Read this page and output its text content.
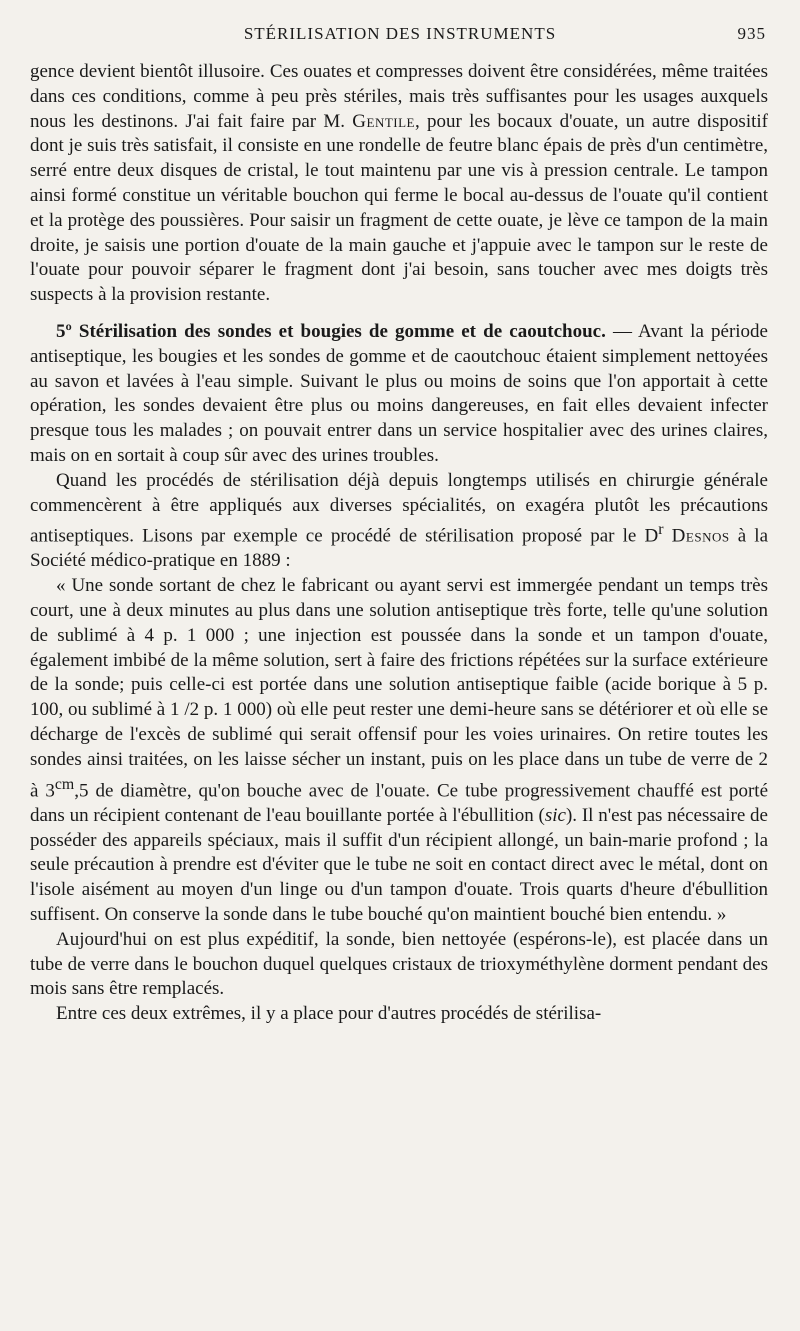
STÉRILISATION DES INSTRUMENTS	935

gence devient bientôt illusoire. Ces ouates et compresses doivent être considérées, même traitées dans ces conditions, comme à peu près stériles, mais très suffisantes pour les usages auxquels nous les destinons. J'ai fait faire par M. Gentile, pour les bocaux d'ouate, un autre dispositif dont je suis très satisfait, il consiste en une rondelle de feutre blanc épais de près d'un centimètre, serré entre deux disques de cristal, le tout maintenu par une vis à pression centrale. Le tampon ainsi formé constitue un véritable bouchon qui ferme le bocal au-dessus de l'ouate qu'il contient et la protège des poussières. Pour saisir un fragment de cette ouate, je lève ce tampon de la main droite, je saisis une portion d'ouate de la main gauche et j'appuie avec le tampon sur le reste de l'ouate pour pouvoir séparer le fragment dont j'ai besoin, sans toucher avec mes doigts très suspects à la provision restante.

5º Stérilisation des sondes et bougies de gomme et de caoutchouc. — Avant la période antiseptique, les bougies et les sondes de gomme et de caoutchouc étaient simplement nettoyées au savon et lavées à l'eau simple. Suivant le plus ou moins de soins que l'on apportait à cette opération, les sondes devaient être plus ou moins dangereuses, en fait elles devaient infecter presque tous les malades ; on pouvait entrer dans un service hospitalier avec des urines claires, mais on en sortait à coup sûr avec des urines troubles.

Quand les procédés de stérilisation déjà depuis longtemps utilisés en chirurgie générale commencèrent à être appliqués aux diverses spécialités, on exagéra plutôt les précautions antiseptiques. Lisons par exemple ce procédé de stérilisation proposé par le $D^r$ Desnos à la Société médico-pratique en 1889 :

« Une sonde sortant de chez le fabricant ou ayant servi est immergée pendant un temps très court, une à deux minutes au plus dans une solution antiseptique très forte, telle qu'une solution de sublimé à 4 p. 1 000 ; une injection est poussée dans la sonde et un tampon d'ouate, également imbibé de la même solution, sert à faire des frictions répétées sur la surface extérieure de la sonde; puis celle-ci est portée dans une solution antiseptique faible (acide borique à 5 p. 100, ou sublimé à 1 /2 p. 1 000) où elle peut rester une demi-heure sans se détériorer et où elle se décharge de l'excès de sublimé qui serait offensif pour les voies urinaires. On retire toutes les sondes ainsi traitées, on les laisse sécher un instant, puis on les place dans un tube de verre de 2 à $3^{cm},5$ de diamètre, qu'on bouche avec de l'ouate. Ce tube progressivement chauffé est porté dans un récipient contenant de l'eau bouillante portée à l'ébullition (sic). Il n'est pas nécessaire de posséder des appareils spéciaux, mais il suffit d'un récipient allongé, un bain-marie profond ; la seule précaution à prendre est d'éviter que le tube ne soit en contact direct avec le métal, dont on l'isole aisément au moyen d'un linge ou d'un tampon d'ouate. Trois quarts d'heure d'ébullition suffisent. On conserve la sonde dans le tube bouché qu'on maintient bouché bien entendu. »

Aujourd'hui on est plus expéditif, la sonde, bien nettoyée (espérons-le), est placée dans un tube de verre dans le bouchon duquel quelques cristaux de trioxyméthylène dorment pendant des mois sans être remplacés.

Entre ces deux extrêmes, il y a place pour d'autres procédés de stérilisa-
